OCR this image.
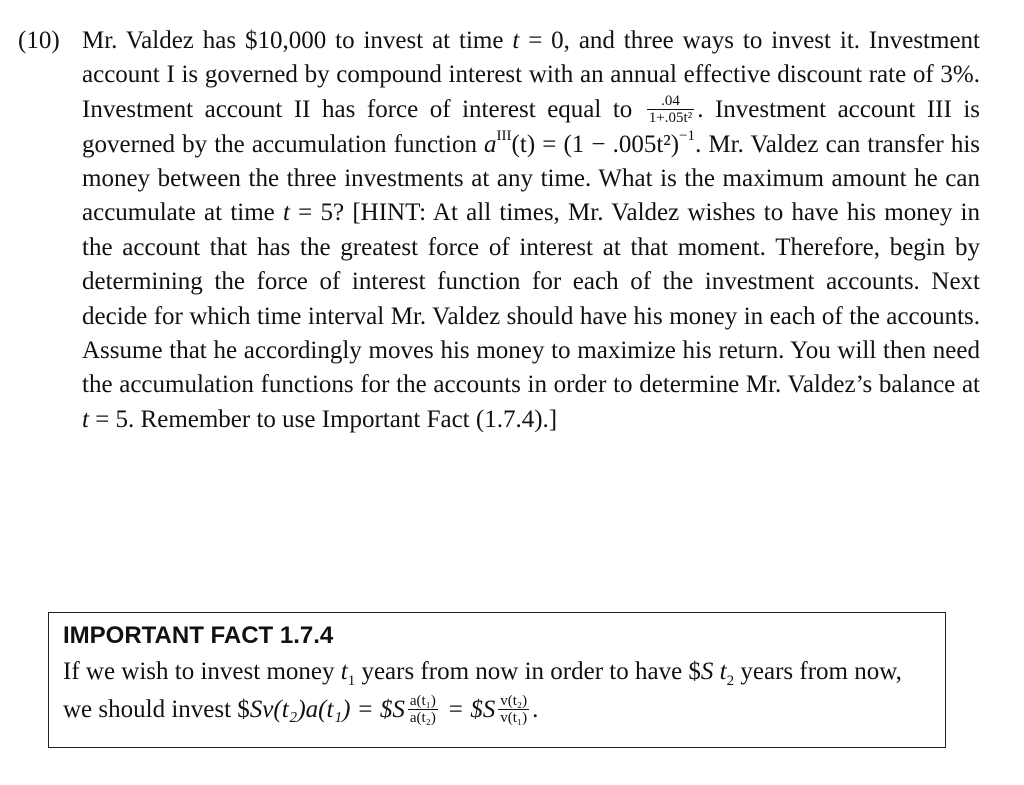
(10) Mr. Valdez has $10,000 to invest at time t = 0, and three ways to invest it. Investment account I is governed by compound interest with an annual effective discount rate of 3%. Investment account II has force of interest equal to $\frac{.04}{\text{1+.05t²}}$ . Investment account III is governed by the accumulation function $a^{III}(t) = (1 - .005t^2)^{-1}$. Mr. Valdez can transfer his money between the three investments at any time. What is the maximum amount he can accumulate at time t = 5? [HINT: At all times, Mr. Valdez wishes to have his money in the account that has the greatest force of interest at that moment. Therefore, begin by determining the force of interest function for each of the investment accounts. Next decide for which time interval Mr. Valdez should have his money in each of the accounts. Assume that he accordingly moves his money to maximize his return. You will then need the accumulation functions for the accounts in order to determine Mr. Valdez’s balance at t = 5. Remember to use Important Fact (1.7.4).]

IMPORTANT FACT 1.7.4

If we wish to invest money $t_1$ years from now in order to have $S $t_2$ years from now, we should invest $Sv(t₂)a(t₁) = $S $\frac{\text{a(t₁)}}{\text{a(t₂)}}$ = $S $\frac{\text{v(t₂)}}{\text{v(t₁)}}$ .
